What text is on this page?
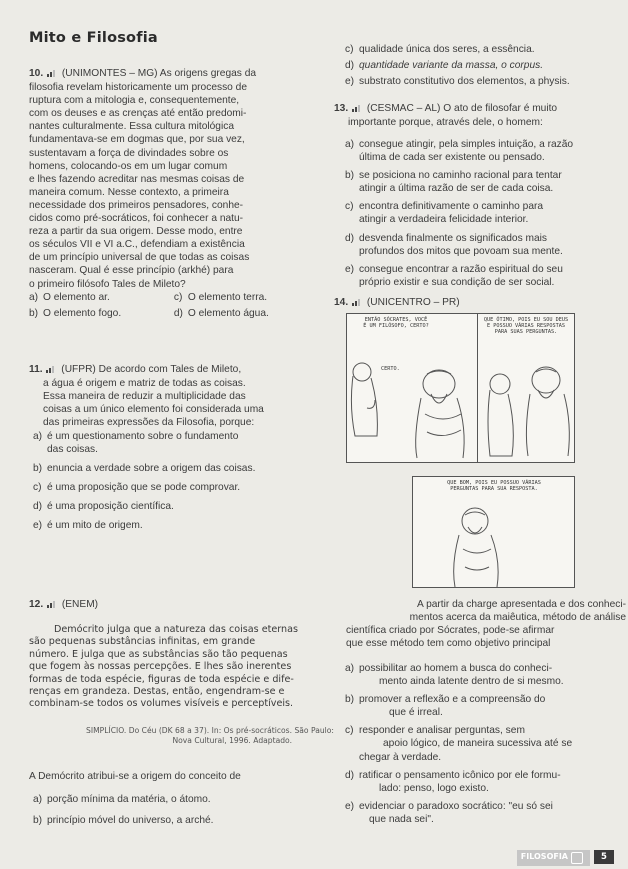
Mito e Filosofia
10. (UNIMONTES – MG) As origens gregas da
filosofia revelam historicamente um processo de
ruptura com a mitologia e, consequentemente,
com os deuses e as crenças até então predomi-
nantes culturalmente. Essa cultura mitológica
fundamentava-se em dogmas que, por sua vez,
sustentavam a força de divindades sobre os
homens, colocando-os em um lugar comum
e lhes fazendo acreditar nas mesmas coisas de
maneira comum. Nesse contexto, a primeira
necessidade dos primeiros pensadores, conhe-
cidos como pré-socráticos, foi conhecer a natu-
reza a partir da sua origem. Desse modo, entre
os séculos VII e VI a.C., defendiam a existência
de um princípio universal de que todas as coisas
nasceram. Qual é esse princípio (arkhé) para
o primeiro filósofo Tales de Mileto?
a) O elemento ar.	c) O elemento terra.
b) O elemento fogo.	d) O elemento água.
11. (UFPR) De acordo com Tales de Mileto,
a água é origem e matriz de todas as coisas.
Essa maneira de reduzir a multiplicidade das
coisas a um único elemento foi considerada uma
das primeiras expressões da Filosofia, porque:
a) é um questionamento sobre o fundamento
das coisas.
b) enuncia a verdade sobre a origem das coisas.
c) é uma proposição que se pode comprovar.
d) é uma proposição científica.
e) é um mito de origem.
12. (ENEM)
Demócrito julga que a natureza das coisas eternas
são pequenas substâncias infinitas, em grande
número. E julga que as substâncias são tão pequenas
que fogem às nossas percepções. E lhes são inerentes
formas de toda espécie, figuras de toda espécie e dife-
renças em grandeza. Destas, então, engendram-se e
combinam-se todos os volumes visíveis e perceptíveis.
SIMPLÍCIO. Do Céu (DK 68 a 37). In: Os pré-socráticos. São Paulo:
Nova Cultural, 1996. Adaptado.
A Demócrito atribui-se a origem do conceito de
a) porção mínima da matéria, o átomo.
b) princípio móvel do universo, a arché.
c) qualidade única dos seres, a essência.
d) quantidade variante da massa, o corpus.
e) substrato constitutivo dos elementos, a physis.
13. (CESMAC – AL) O ato de filosofar é muito
importante porque, através dele, o homem:
a) consegue atingir, pela simples intuição, a razão
última de cada ser existente ou pensado.
b) se posiciona no caminho racional para tentar
atingir a última razão de ser de cada coisa.
c) encontra definitivamente o caminho para
atingir a verdadeira felicidade interior.
d) desvenda finalmente os significados mais
profundos dos mitos que povoam sua mente.
e) consegue encontrar a razão espiritual do seu
próprio existir e sua condição de ser social.
14. (UNICENTRO – PR)
ENTÃO SÓCRATES, VOCÊ
É UM FILÓSOFO, CERTO?
CERTO.
QUE ÓTIMO, POIS EU SOU DEUS
E POSSUO VÁRIAS RESPOSTAS
PARA SUAS PERGUNTAS.
QUE BOM, POIS EU POSSUO VÁRIAS
PERGUNTAS PARA SUA RESPOSTA.
A partir da charge apresentada e dos conheci-
mentos acerca da maiêutica, método de análise
científica criado por Sócrates, pode-se afirmar
que esse método tem como objetivo principal
a) possibilitar ao homem a busca do conheci-
mento ainda latente dentro de si mesmo.
b) promover a reflexão e a compreensão do
que é irreal.
c) responder e analisar perguntas, sem
apoio lógico, de maneira sucessiva até se
chegar à verdade.
d) ratificar o pensamento icônico por ele formu-
lado: penso, logo existo.
e) evidenciar o paradoxo socrático: "eu só sei
que nada sei".
FILOSOFIA	5
